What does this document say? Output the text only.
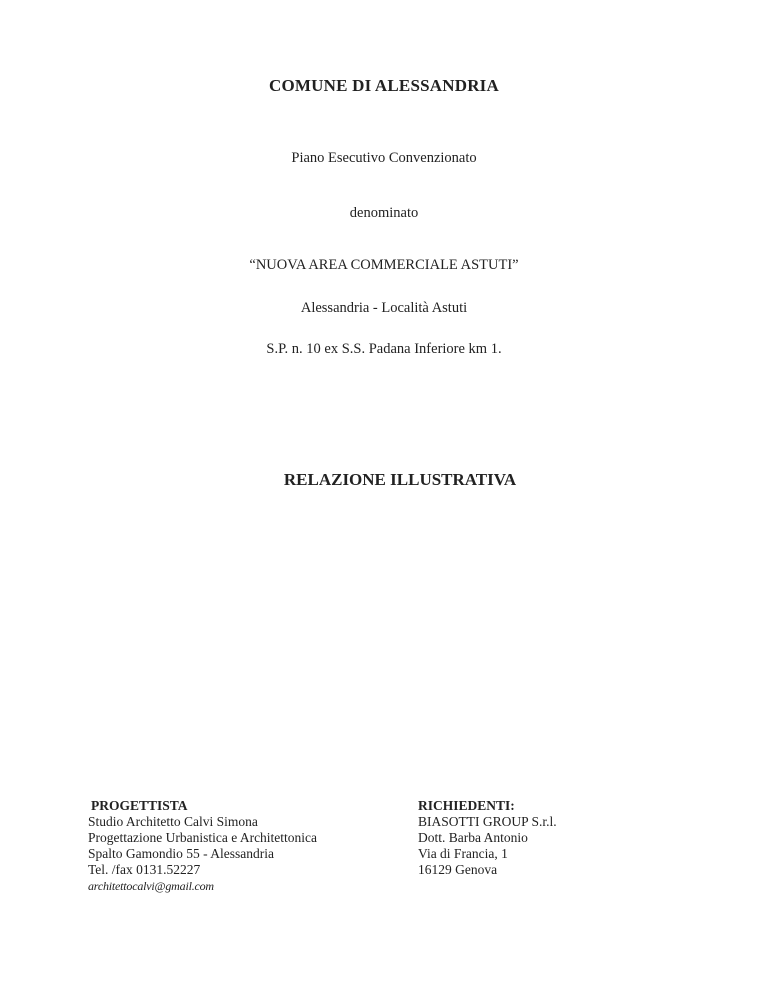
COMUNE DI ALESSANDRIA
Piano Esecutivo Convenzionato
denominato
“NUOVA AREA COMMERCIALE ASTUTI”
Alessandria - Località Astuti
S.P. n. 10 ex S.S. Padana Inferiore km 1.
RELAZIONE ILLUSTRATIVA
PROGETTISTA
Studio Architetto Calvi Simona
Progettazione Urbanistica e Architettonica
Spalto Gamondio 55 - Alessandria
Tel. /fax 0131.52227
architettocalvi@gmail.com
RICHIEDENTI:
BIASOTTI GROUP S.r.l.
Dott. Barba Antonio
Via di Francia, 1
16129 Genova
